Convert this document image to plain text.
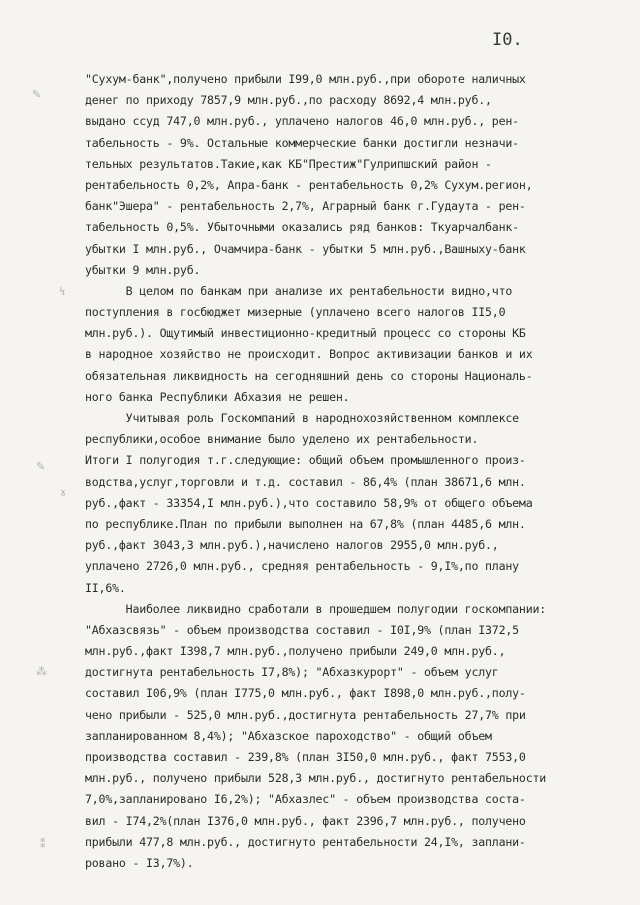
I0.
✎
↯
✎
ɤ
⁂
⁑
"Сухум-банк",получено прибыли I99,0 млн.руб.,при обороте наличных
денег по приходу 7857,9 млн.руб.,по расходу 8692,4 млн.руб.,
выдано ссуд 747,0 млн.руб., уплачено налогов 46,0 млн.руб., рен-
табельность - 9%. Остальные коммерческие банки достигли незначи-
тельных результатов.Такие,как КБ"Престиж"Гулрипшский район -
рентабельность 0,2%, Апра-банк - рентабельность 0,2% Сухум.регион,
банк"Эшера" - рентабельность 2,7%, Аграрный банк г.Гудаута - рен-
табельность 0,5%. Убыточными оказались ряд банков: Ткуарчалбанк-
убытки I млн.руб., Очамчира-банк - убытки 5 млн.руб.,Вашныху-банк
убытки 9 млн.руб.
В целом по банкам при анализе их рентабельности видно,что
поступления в госбюджет мизерные (уплачено всего налогов II5,0
млн.руб.). Ощутимый инвестиционно-кредитный процесс со стороны КБ
в народное хозяйство не происходит. Вопрос активизации банков и их
обязательная ликвидность на сегодняшний день со стороны Националь-
ного банка Республики Абхазия не решен.
Учитывая роль Госкомпаний в народнохозяйственном комплексе
республики,особое внимание было уделено их рентабельности.
Итоги I полугодия т.г.следующие: общий объем промышленного произ-
водства,услуг,торговли и т.д. составил - 86,4% (план 38671,6 млн.
руб.,факт - 33354,I млн.руб.),что составило 58,9% от общего объема
по республике.План по прибыли выполнен на 67,8% (план 4485,6 млн.
руб.,факт 3043,3 млн.руб.),начислено налогов 2955,0 млн.руб.,
уплачено 2726,0 млн.руб., средняя рентабельность - 9,I%,по плану
II,6%.
Наиболее ликвидно сработали в прошедшем полугодии госкомпании:
"Абхазсвязь" - объем производства составил - I0I,9% (план I372,5
млн.руб.,факт I398,7 млн.руб.,получено прибыли 249,0 млн.руб.,
достигнута рентабельность I7,8%); "Абхазкурорт" - объем услуг
составил I06,9% (план I775,0 млн.руб., факт I898,0 млн.руб.,полу-
чено прибыли - 525,0 млн.руб.,достигнута рентабельность 27,7% при
запланированном 8,4%); "Абхазское пароходство" - общий объем
производства составил - 239,8% (план 3I50,0 млн.руб., факт 7553,0
млн.руб., получено прибыли 528,3 млн.руб., достигнуто рентабельности
7,0%,запланировано I6,2%); "Абхазлес" - объем производства соста-
вил - I74,2%(план I376,0 млн.руб., факт 2396,7 млн.руб., получено
прибыли 477,8 млн.руб., достигнуто рентабельности 24,I%, заплани-
ровано - I3,7%).
